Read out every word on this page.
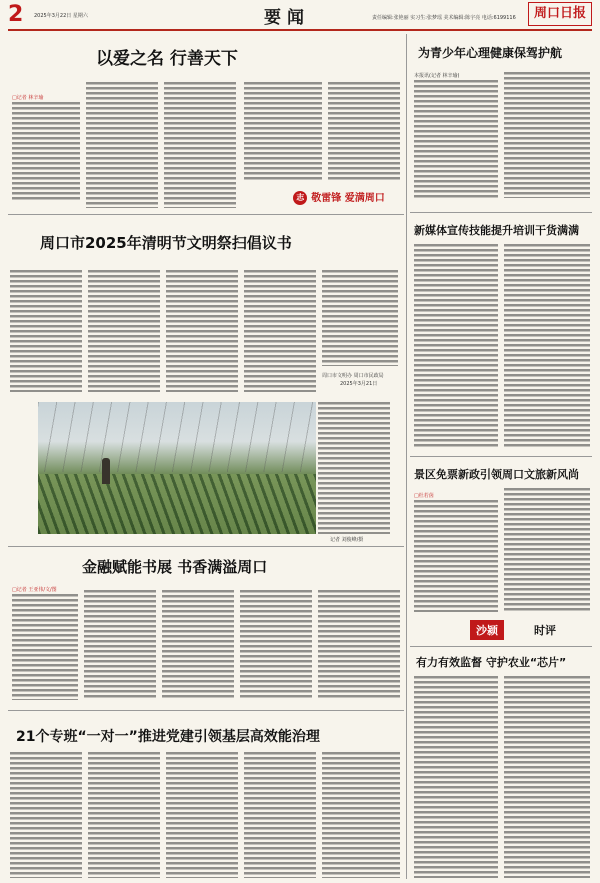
2 2025年3月22日 星期六	要闻	责任编辑:张艳丽 实习生:张梦瑶 美术编辑:陈宇亮 电话:6199116	周口日报
以爱之名 行善天下
□记者 林辛瑜
志 敬雷锋 爱满周口
周口市2025年清明节文明祭扫倡议书
周口市文明办 周口市民政局
2025年3月21日
记者 刘俊峰/摄
金融赋能书展 书香满溢周口
□记者 王亚伟/文/图
21个专班“一对一”推进党建引领基层高效能治理
为青少年心理健康保驾护航
本报讯(记者 林辛瑜)
新媒体宣传技能提升培训干货满满
景区免票新政引领周口文旅新风尚
□杜若茵
沙颍	时评
有力有效监督 守护农业“芯片”
